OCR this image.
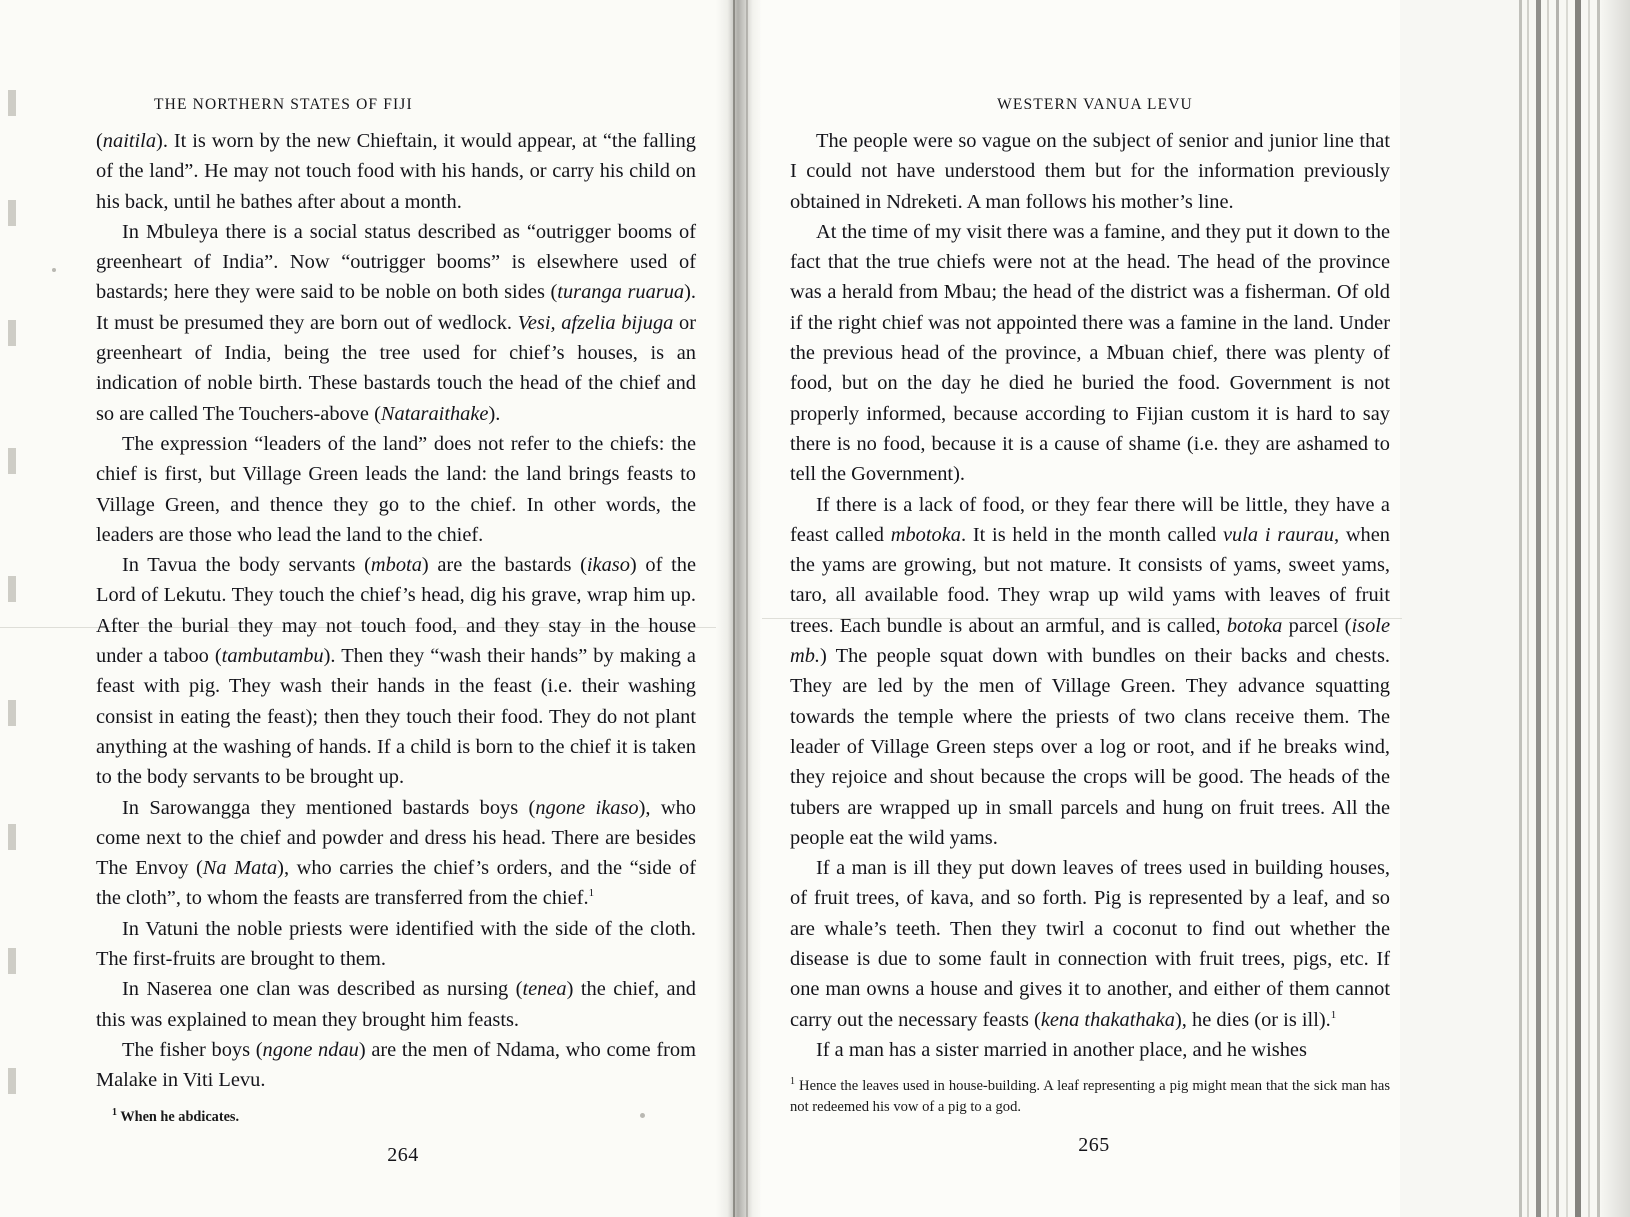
THE NORTHERN STATES OF FIJI

(naitila). It is worn by the new Chieftain, it would appear, at “the falling of the land”. He may not touch food with his hands, or carry his child on his back, until he bathes after about a month.

In Mbuleya there is a social status described as “outrigger booms of greenheart of India”. Now “outrigger booms” is elsewhere used of bastards; here they were said to be noble on both sides (turanga ruarua). It must be presumed they are born out of wedlock. Vesi, afzelia bijuga or greenheart of India, being the tree used for chief’s houses, is an indication of noble birth. These bastards touch the head of the chief and so are called The Touchers-above (Nataraithake).

The expression “leaders of the land” does not refer to the chiefs: the chief is first, but Village Green leads the land: the land brings feasts to Village Green, and thence they go to the chief. In other words, the leaders are those who lead the land to the chief.

In Tavua the body servants (mbota) are the bastards (ikaso) of the Lord of Lekutu. They touch the chief’s head, dig his grave, wrap him up. After the burial they may not touch food, and they stay in the house under a taboo (tambutambu). Then they “wash their hands” by making a feast with pig. They wash their hands in the feast (i.e. their washing consist in eating the feast); then they touch their food. They do not plant anything at the washing of hands. If a child is born to the chief it is taken to the body servants to be brought up.

In Sarowangga they mentioned bastards boys (ngone ikaso), who come next to the chief and powder and dress his head. There are besides The Envoy (Na Mata), who carries the chief’s orders, and the “side of the cloth”, to whom the feasts are transferred from the chief.$^1$

In Vatuni the noble priests were identified with the side of the cloth. The first-fruits are brought to them.

In Naserea one clan was described as nursing (tenea) the chief, and this was explained to mean they brought him feasts.

The fisher boys (ngone ndau) are the men of Ndama, who come from Malake in Viti Levu.

$^1$ When he abdicates.
264
WESTERN VANUA LEVU

The people were so vague on the subject of senior and junior line that I could not have understood them but for the information previously obtained in Ndreketi. A man follows his mother’s line.

At the time of my visit there was a famine, and they put it down to the fact that the true chiefs were not at the head. The head of the province was a herald from Mbau; the head of the district was a fisherman. Of old if the right chief was not appointed there was a famine in the land. Under the previous head of the province, a Mbuan chief, there was plenty of food, but on the day he died he buried the food. Government is not properly informed, because according to Fijian custom it is hard to say there is no food, because it is a cause of shame (i.e. they are ashamed to tell the Government).

If there is a lack of food, or they fear there will be little, they have a feast called mbotoka. It is held in the month called vula i raurau, when the yams are growing, but not mature. It consists of yams, sweet yams, taro, all available food. They wrap up wild yams with leaves of fruit trees. Each bundle is about an armful, and is called, botoka parcel (isole mb.) The people squat down with bundles on their backs and chests. They are led by the men of Village Green. They advance squatting towards the temple where the priests of two clans receive them. The leader of Village Green steps over a log or root, and if he breaks wind, they rejoice and shout because the crops will be good. The heads of the tubers are wrapped up in small parcels and hung on fruit trees. All the people eat the wild yams.

If a man is ill they put down leaves of trees used in building houses, of fruit trees, of kava, and so forth. Pig is represented by a leaf, and so are whale’s teeth. Then they twirl a coconut to find out whether the disease is due to some fault in connection with fruit trees, pigs, etc. If one man owns a house and gives it to another, and either of them cannot carry out the necessary feasts (kena thakathaka), he dies (or is ill).$^1$

If a man has a sister married in another place, and he wishes

$^1$ Hence the leaves used in house-building. A leaf representing a pig might mean that the sick man has not redeemed his vow of a pig to a god.
265
